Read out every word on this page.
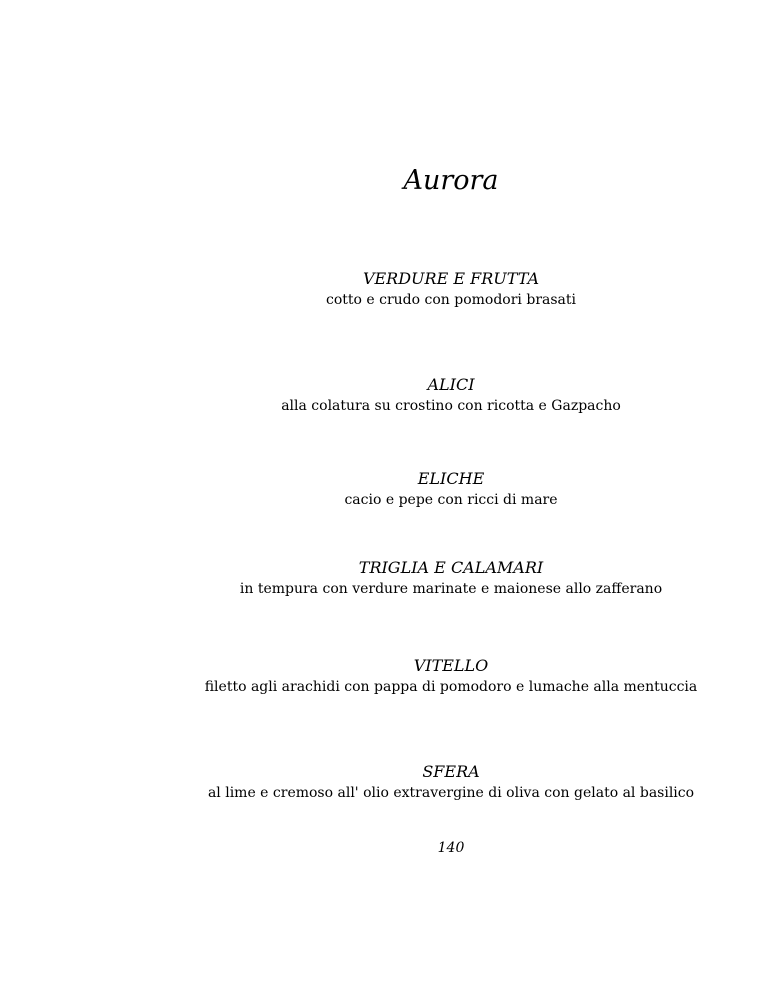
Aurora
VERDURE E FRUTTA
cotto e crudo con pomodori brasati
ALICI
alla colatura su crostino con ricotta e Gazpacho
ELICHE
cacio e pepe con ricci di mare
TRIGLIA E CALAMARI
in tempura con verdure marinate e maionese allo zafferano
VITELLO
filetto agli arachidi con pappa di pomodoro e lumache alla mentuccia
SFERA
al lime e cremoso all' olio extravergine di oliva con gelato al basilico
140
